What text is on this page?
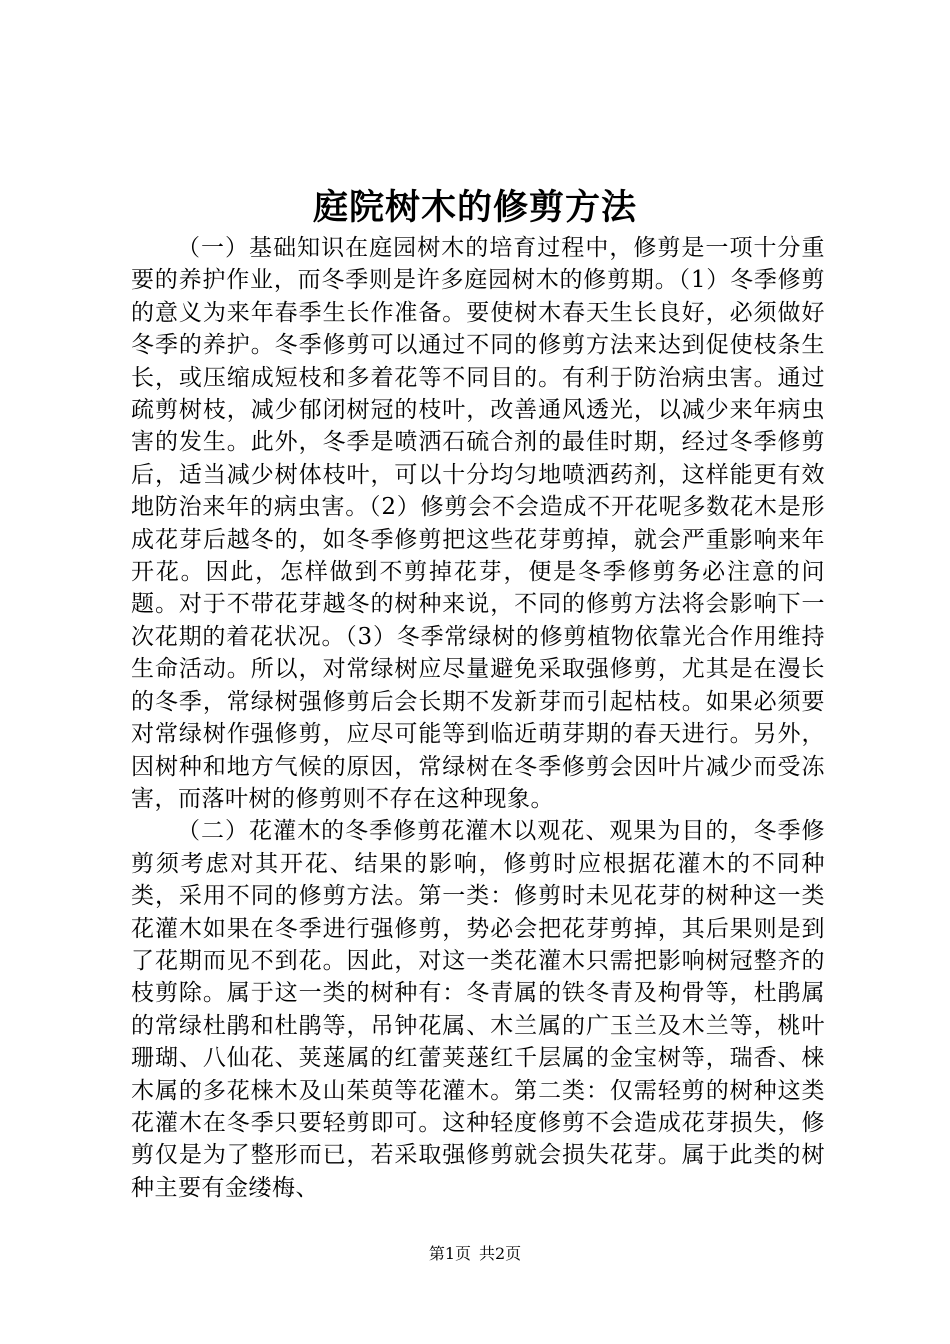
庭院树木的修剪方法

（一）基础知识在庭园树木的培育过程中，修剪是一项十分重要的养护作业，而冬季则是许多庭园树木的修剪期。（1）冬季修剪的意义为来年春季生长作准备。要使树木春天生长良好，必须做好冬季的养护。冬季修剪可以通过不同的修剪方法来达到促使枝条生长，或压缩成短枝和多着花等不同目的。有利于防治病虫害。通过疏剪树枝，减少郁闭树冠的枝叶，改善通风透光，以减少来年病虫害的发生。此外，冬季是喷洒石硫合剂的最佳时期，经过冬季修剪后，适当减少树体枝叶，可以十分均匀地喷洒药剂，这样能更有效地防治来年的病虫害。（2）修剪会不会造成不开花呢多数花木是形成花芽后越冬的，如冬季修剪把这些花芽剪掉，就会严重影响来年开花。因此，怎样做到不剪掉花芽，便是冬季修剪务必注意的问题。对于不带花芽越冬的树种来说，不同的修剪方法将会影响下一次花期的着花状况。（3）冬季常绿树的修剪植物依靠光合作用维持生命活动。所以，对常绿树应尽量避免采取强修剪，尤其是在漫长的冬季，常绿树强修剪后会长期不发新芽而引起枯枝。如果必须要对常绿树作强修剪，应尽可能等到临近萌芽期的春天进行。另外，因树种和地方气候的原因，常绿树在冬季修剪会因叶片减少而受冻害，而落叶树的修剪则不存在这种现象。

（二）花灌木的冬季修剪花灌木以观花、观果为目的，冬季修剪须考虑对其开花、结果的影响，修剪时应根据花灌木的不同种类，采用不同的修剪方法。第一类：修剪时未见花芽的树种这一类花灌木如果在冬季进行强修剪，势必会把花芽剪掉，其后果则是到了花期而见不到花。因此，对这一类花灌木只需把影响树冠整齐的枝剪除。属于这一类的树种有：冬青属的铁冬青及枸骨等，杜鹃属的常绿杜鹃和杜鹃等，吊钟花属、木兰属的广玉兰及木兰等，桃叶珊瑚、八仙花、荚蒾属的红蕾荚蒾红千层属的金宝树等，瑞香、梾木属的多花梾木及山茱萸等花灌木。第二类：仅需轻剪的树种这类花灌木在冬季只要轻剪即可。这种轻度修剪不会造成花芽损失，修剪仅是为了整形而已，若采取强修剪就会损失花芽。属于此类的树种主要有金缕梅、

第1页 共2页
